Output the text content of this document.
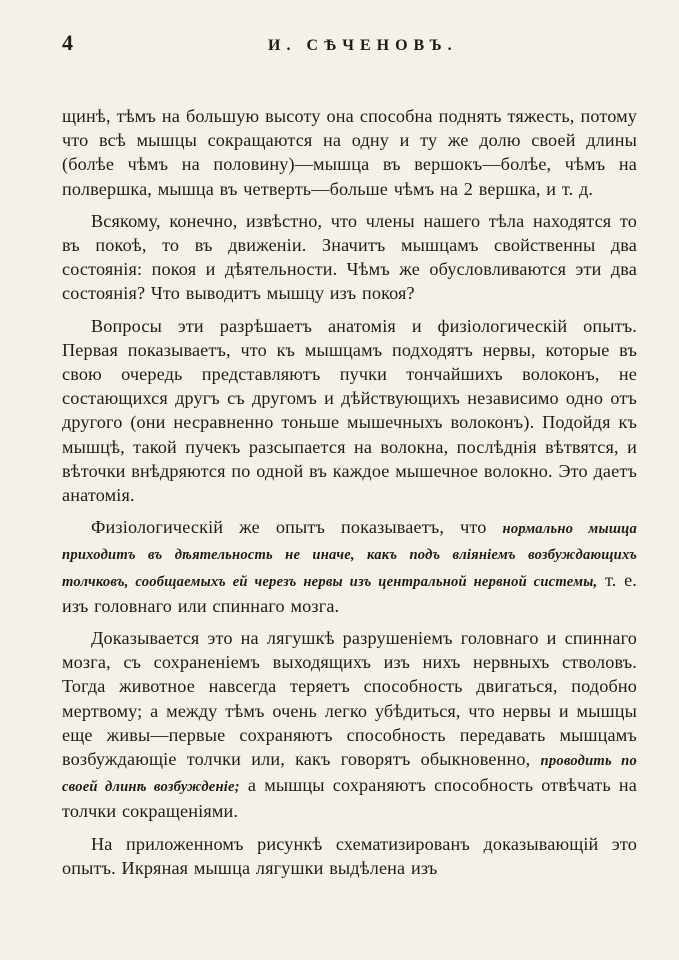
4	И. СѢЧЕНОВЪ.

щинѣ, тѣмъ на большую высоту она способна поднять тяжесть, потому что всѣ мышцы сокращаются на одну и ту же долю своей длины (болѣе чѣмъ на половину)—мышца въ вершокъ—болѣе, чѣмъ на полвершка, мышца въ четверть—больше чѣмъ на 2 вершка, и т. д.

Всякому, конечно, извѣстно, что члены нашего тѣла находятся то въ покоѣ, то въ движеніи. Значитъ мышцамъ свойственны два состоянія: покоя и дѣятельности. Чѣмъ же обусловливаются эти два состоянія? Что выводитъ мышцу изъ покоя?

Вопросы эти разрѣшаетъ анатомія и физіологическій опытъ. Первая показываетъ, что къ мышцамъ подходятъ нервы, которые въ свою очередь представляютъ пучки тончайшихъ волоконъ, не состающихся другъ съ другомъ и дѣйствующихъ независимо одно отъ другого (они несравненно тоньше мышечныхъ волоконъ). Подойдя къ мышцѣ, такой пучекъ разсыпается на волокна, послѣднія вѣтвятся, и вѣточки внѣдряются по одной въ каждое мышечное волокно. Это даетъ анатомія.

Физіологическій же опытъ показываетъ, что нормально мышца приходитъ въ дѣятельность не иначе, какъ подъ вліяніемъ возбуждающихъ толчковъ, сообщаемыхъ ей черезъ нервы изъ центральной нервной системы, т. е. изъ головнаго или спиннаго мозга.

Доказывается это на лягушкѣ разрушеніемъ головнаго и спиннаго мозга, съ сохраненіемъ выходящихъ изъ нихъ нервныхъ стволовъ. Тогда животное навсегда теряетъ способность двигаться, подобно мертвому; а между тѣмъ очень легко убѣдиться, что нервы и мышцы еще живы—первые сохраняютъ способность передавать мышцамъ возбуждающіе толчки или, какъ говорятъ обыкновенно, проводить по своей длинѣ возбужденіе; а мышцы сохраняютъ способность отвѣчать на толчки сокращеніями.

На приложенномъ рисункѣ схематизированъ доказывающій это опытъ. Икряная мышца лягушки выдѣлена изъ
